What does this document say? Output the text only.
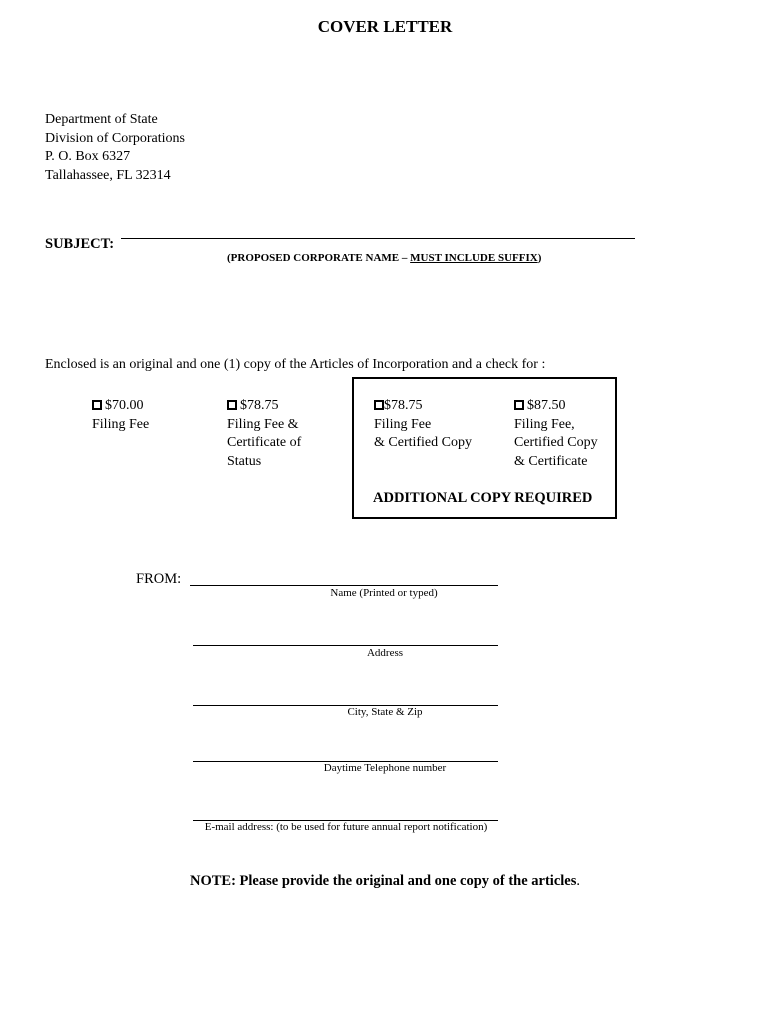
COVER LETTER
Department of State
Division of Corporations
P. O. Box 6327
Tallahassee, FL 32314
SUBJECT:
(PROPOSED CORPORATE NAME – MUST INCLUDE SUFFIX)
Enclosed is an original and one (1) copy of the Articles of Incorporation and a check for :
$70.00
Filing Fee
$78.75
Filing Fee &
Certificate of
Status
$78.75
Filing Fee
& Certified Copy
$87.50
Filing Fee,
Certified Copy
& Certificate
ADDITIONAL COPY REQUIRED
FROM:
Name (Printed or typed)
Address
City, State & Zip
Daytime Telephone number
E-mail address: (to be used for future annual report notification)
NOTE: Please provide the original and one copy of the articles.
